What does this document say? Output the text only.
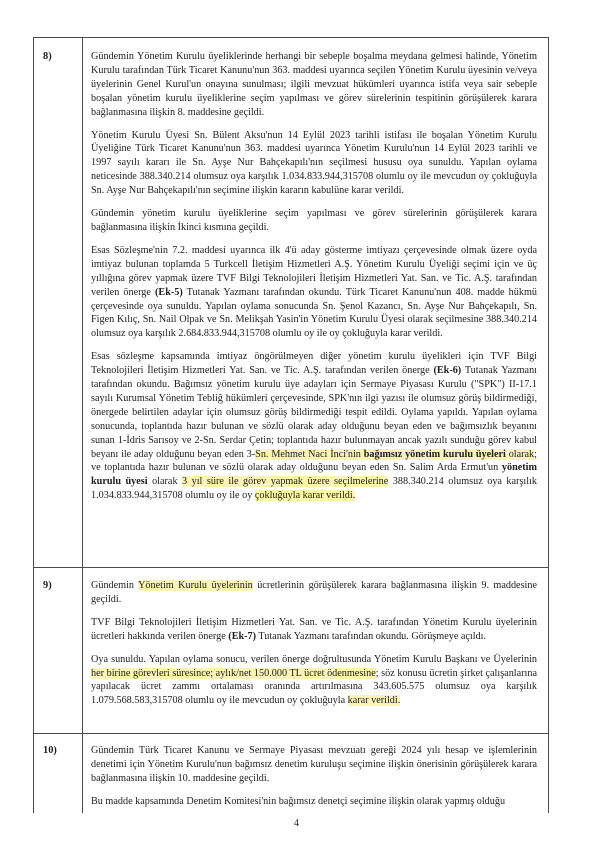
8)	Gündemin Yönetim Kurulu üyeliklerinde herhangi bir sebeple boşalma meydana gelmesi halinde, Yönetim Kurulu tarafından Türk Ticaret Kanunu'nun 363. maddesi uyarınca seçilen Yönetim Kurulu üyesinin ve/veya üyelerinin Genel Kurul'un onayına sunulması; ilgili mevzuat hükümleri uyarınca istifa veya sair sebeple boşalan yönetim kurulu üyeliklerine seçim yapılması ve görev sürelerinin tespitinin görüşülerek karara bağlanmasına ilişkin 8. maddesine geçildi.

Yönetim Kurulu Üyesi Sn. Bülent Aksu'nun 14 Eylül 2023 tarihli istifası ile boşalan Yönetim Kurulu Üyeliğine Türk Ticaret Kanunu'nun 363. maddesi uyarınca Yönetim Kurulu'nun 14 Eylül 2023 tarihli ve 1997 sayılı kararı ile Sn. Ayşe Nur Bahçekapılı'nın seçilmesi hususu oya sunuldu. Yapılan oylama neticesinde 388.340.214 olumsuz oya karşılık 1.034.833.944,315708 olumlu oy ile mevcudun oy çokluğuyla Sn. Ayşe Nur Bahçekapılı'nın seçimine ilişkin kararın kabulüne karar verildi.

Gündemin yönetim kurulu üyeliklerine seçim yapılması ve görev sürelerinin görüşülerek karara bağlanmasına ilişkin İkinci kısmına geçildi.

Esas Sözleşme'nin 7.2. maddesi uyarınca ilk 4'ü aday gösterme imtiyazı çerçevesinde olmak üzere oyda imtiyaz bulunan toplamda 5 Turkcell İletişim Hizmetleri A.Ş. Yönetim Kurulu Üyeliği seçimi için ve üç yıllığına görev yapmak üzere TVF Bilgi Teknolojileri İletişim Hizmetleri Yat. San. ve Tic. A.Ş. tarafından verilen önerge (Ek-5) Tutanak Yazmanı tarafından okundu. Türk Ticaret Kanunu'nun 408. madde hükmü çerçevesinde oya sunuldu. Yapılan oylama sonucunda Sn. Şenol Kazancı, Sn. Ayşe Nur Bahçekapılı, Sn. Figen Kılıç, Sn. Nail Olpak ve Sn. Melikşah Yasin'in Yönetim Kurulu Üyesi olarak seçilmesine 388.340.214 olumsuz oya karşılık 2.684.833.944,315708 olumlu oy ile oy çokluğuyla karar verildi.

Esas sözleşme kapsamında imtiyaz öngörülmeyen diğer yönetim kurulu üyelikleri için TVF Bilgi Teknolojileri İletişim Hizmetleri Yat. San. ve Tic. A.Ş. tarafından verilen önerge (Ek-6) Tutanak Yazmanı tarafından okundu. Bağımsız yönetim kurulu üye adayları için Sermaye Piyasası Kurulu ("SPK") II-17.1 sayılı Kurumsal Yönetim Tebliğ hükümleri çerçevesinde, SPK'nın ilgi yazısı ile olumsuz görüş bildirmediği, önergede belirtilen adaylar için olumsuz görüş bildirmediği tespit edildi. Oylama yapıldı. Yapılan oylama sonucunda, toplantıda hazır bulunan ve sözlü olarak aday olduğunu beyan eden ve bağımsızlık beyanını sunan 1-İdris Sarısoy ve 2-Sn. Serdar Çetin; toplantıda hazır bulunmayan ancak yazılı sunduğu görev kabul beyanı ile aday olduğunu beyan eden 3-Sn. Mehmet Naci İnci'nin bağımsız yönetim kurulu üyeleri olarak; ve toplantıda hazır bulunan ve sözlü olarak aday olduğunu beyan eden Sn. Salim Arda Ermut'un yönetim kurulu üyesi olarak 3 yıl süre ile görev yapmak üzere seçilmelerine 388.340.214 olumsuz oya karşılık 1.034.833.944,315708 olumlu oy ile oy çokluğuyla karar verildi.

9)	Gündemin Yönetim Kurulu üyelerinin ücretlerinin görüşülerek karara bağlanmasına ilişkin 9. maddesine geçildi.

TVF Bilgi Teknolojileri İletişim Hizmetleri Yat. San. ve Tic. A.Ş. tarafından Yönetim Kurulu üyelerinin ücretleri hakkında verilen önerge (Ek-7) Tutanak Yazmanı tarafından okundu. Görüşmeye açıldı.

Oya sunuldu. Yapılan oylama sonucu, verilen önerge doğrultusunda Yönetim Kurulu Başkanı ve Üyelerinin her birine görevleri süresince; aylık/net 150.000 TL ücret ödenmesine; söz konusu ücretin şirket çalışanlarına yapılacak ücret zammı ortalaması oranında artırılmasına 343.605.575 olumsuz oya karşılık 1.079.568.583,315708 olumlu oy ile mevcudun oy çokluğuyla karar verildi.

10)	Gündemin Türk Ticaret Kanunu ve Sermaye Piyasası mevzuatı gereği 2024 yılı hesap ve işlemlerinin denetimi için Yönetim Kurulu'nun bağımsız denetim kuruluşu seçimine ilişkin önerisinin görüşülerek karara bağlanmasına ilişkin 10. maddesine geçildi.

Bu madde kapsamında Denetim Komitesi'nin bağımsız denetçi seçimine ilişkin olarak yapmış olduğu

4
